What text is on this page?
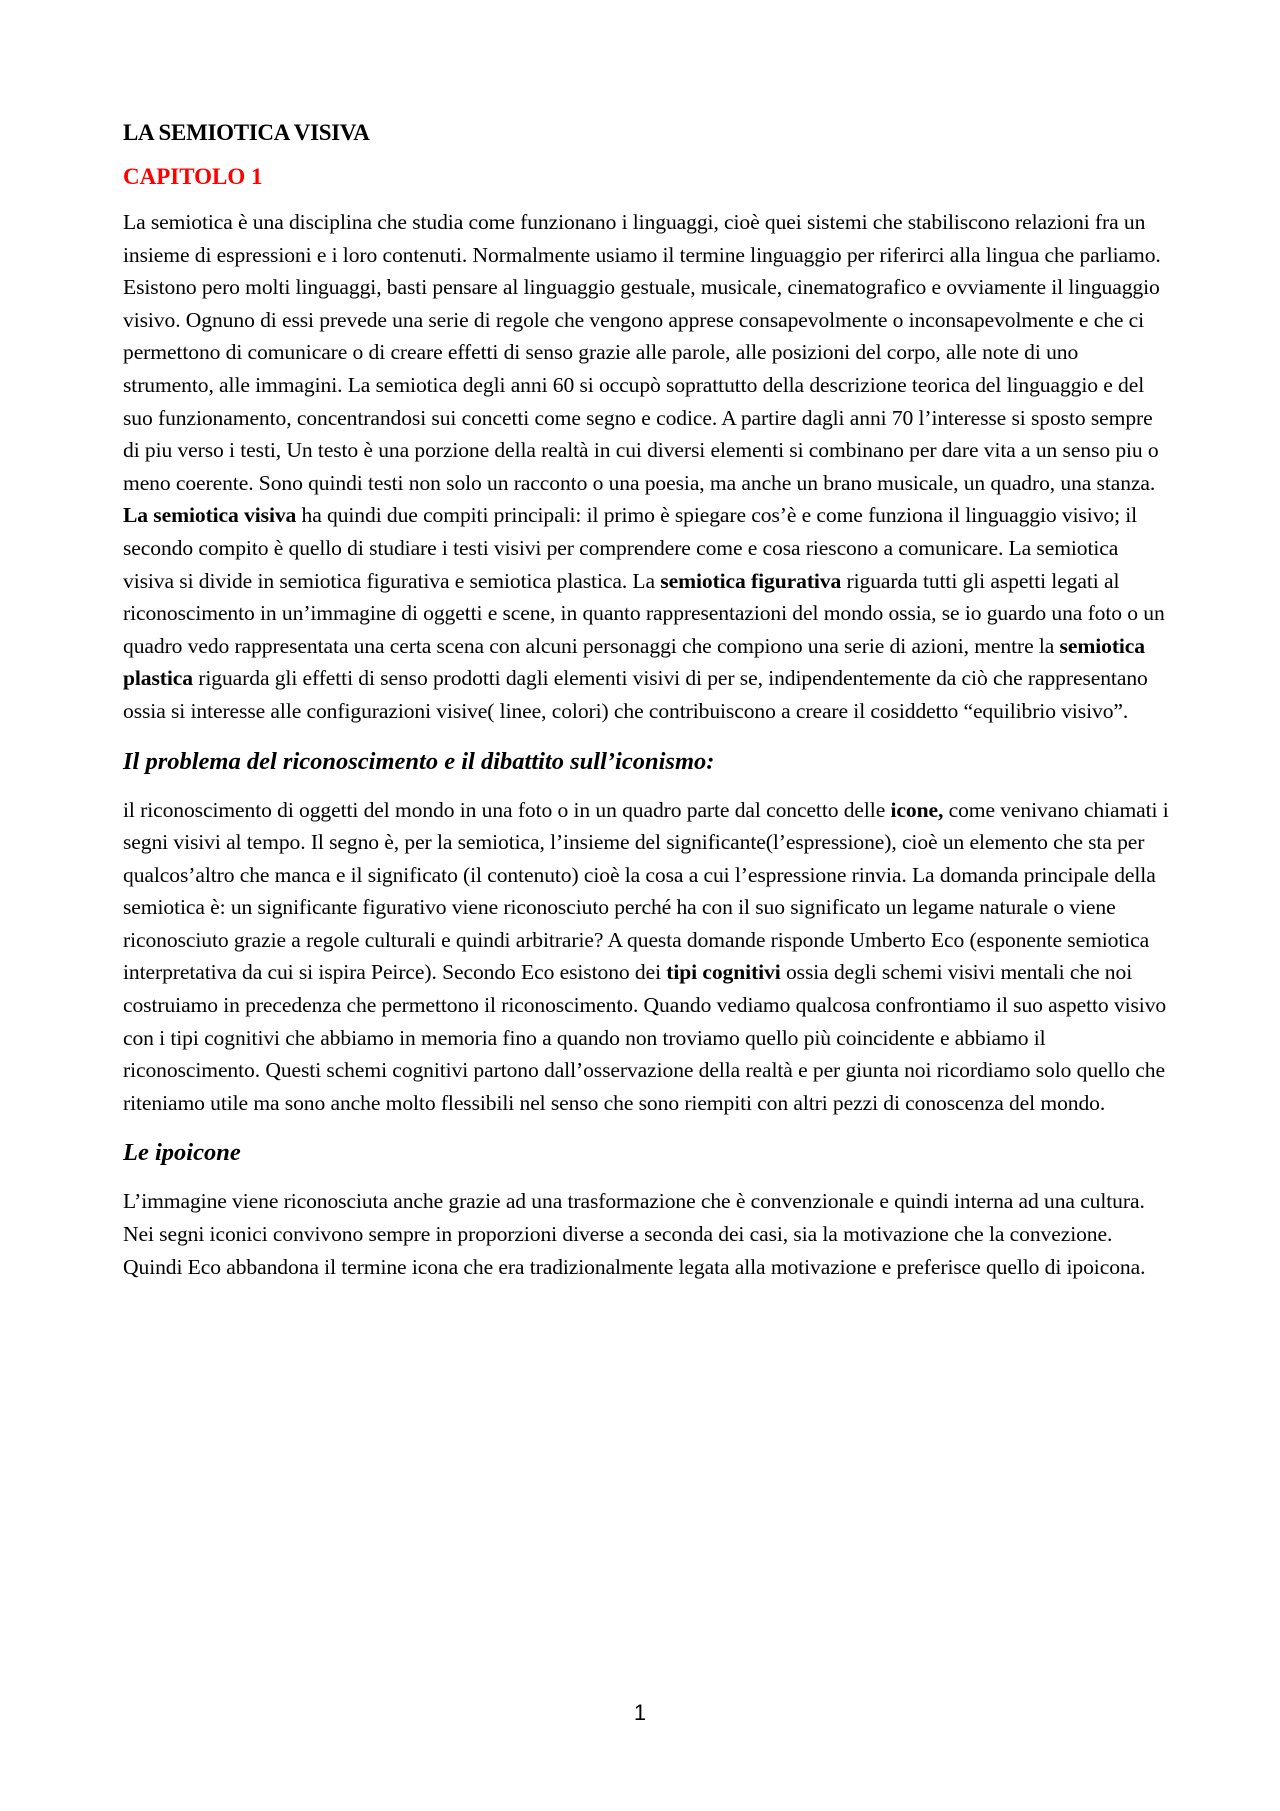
LA SEMIOTICA VISIVA
CAPITOLO 1

La semiotica è una disciplina che studia come funzionano i linguaggi, cioè quei sistemi che stabiliscono relazioni fra un insieme di espressioni e i loro contenuti. Normalmente usiamo il termine linguaggio per riferirci alla lingua che parliamo. Esistono pero molti linguaggi, basti pensare al linguaggio gestuale, musicale, cinematografico e ovviamente il linguaggio visivo. Ognuno di essi prevede una serie di regole che vengono apprese consapevolmente o inconsapevolmente e che ci permettono di comunicare o di creare effetti di senso grazie alle parole, alle posizioni del corpo, alle note di uno strumento, alle immagini. La semiotica degli anni 60 si occupò soprattutto della descrizione teorica del linguaggio e del suo funzionamento, concentrandosi sui concetti come segno e codice. A partire dagli anni 70 l’interesse si sposto sempre di piu verso i testi, Un testo è una porzione della realtà in cui diversi elementi si combinano per dare vita a un senso piu o meno coerente. Sono quindi testi non solo un racconto o una poesia, ma anche un brano musicale, un quadro, una stanza. La semiotica visiva ha quindi due compiti principali: il primo è spiegare cos’è e come funziona il linguaggio visivo; il secondo compito è quello di studiare i testi visivi per comprendere come e cosa riescono a comunicare. La semiotica visiva si divide in semiotica figurativa e semiotica plastica. La semiotica figurativa riguarda tutti gli aspetti legati al riconoscimento in un’immagine di oggetti e scene, in quanto rappresentazioni del mondo ossia, se io guardo una foto o un quadro vedo rappresentata una certa scena con alcuni personaggi che compiono una serie di azioni, mentre la semiotica plastica riguarda gli effetti di senso prodotti dagli elementi visivi di per se, indipendentemente da ciò che rappresentano ossia si interesse alle configurazioni visive( linee, colori) che contribuiscono a creare il cosiddetto “equilibrio visivo”.

Il problema del riconoscimento e il dibattito sull’iconismo:

il riconoscimento di oggetti del mondo in una foto o in un quadro parte dal concetto delle icone, come venivano chiamati i segni visivi al tempo. Il segno è, per la semiotica, l’insieme del significante(l’espressione), cioè un elemento che sta per qualcos’altro che manca e il significato (il contenuto) cioè la cosa a cui l’espressione rinvia. La domanda principale della semiotica è: un significante figurativo viene riconosciuto perché ha con il suo significato un legame naturale o viene riconosciuto grazie a regole culturali e quindi arbitrarie? A questa domande risponde Umberto Eco (esponente semiotica interpretativa da cui si ispira Peirce). Secondo Eco esistono dei tipi cognitivi ossia degli schemi visivi mentali che noi costruiamo in precedenza che permettono il riconoscimento. Quando vediamo qualcosa confrontiamo il suo aspetto visivo con i tipi cognitivi che abbiamo in memoria fino a quando non troviamo quello più coincidente e abbiamo il riconoscimento. Questi schemi cognitivi partono dall’osservazione della realtà e per giunta noi ricordiamo solo quello che riteniamo utile ma sono anche molto flessibili nel senso che sono riempiti con altri pezzi di conoscenza del mondo.

Le ipoicone

L’immagine viene riconosciuta anche grazie ad una trasformazione che è convenzionale e quindi interna ad una cultura. Nei segni iconici convivono sempre in proporzioni diverse a seconda dei casi, sia la motivazione che la convezione. Quindi Eco abbandona il termine icona che era tradizionalmente legata alla motivazione e preferisce quello di ipoicona.

1
